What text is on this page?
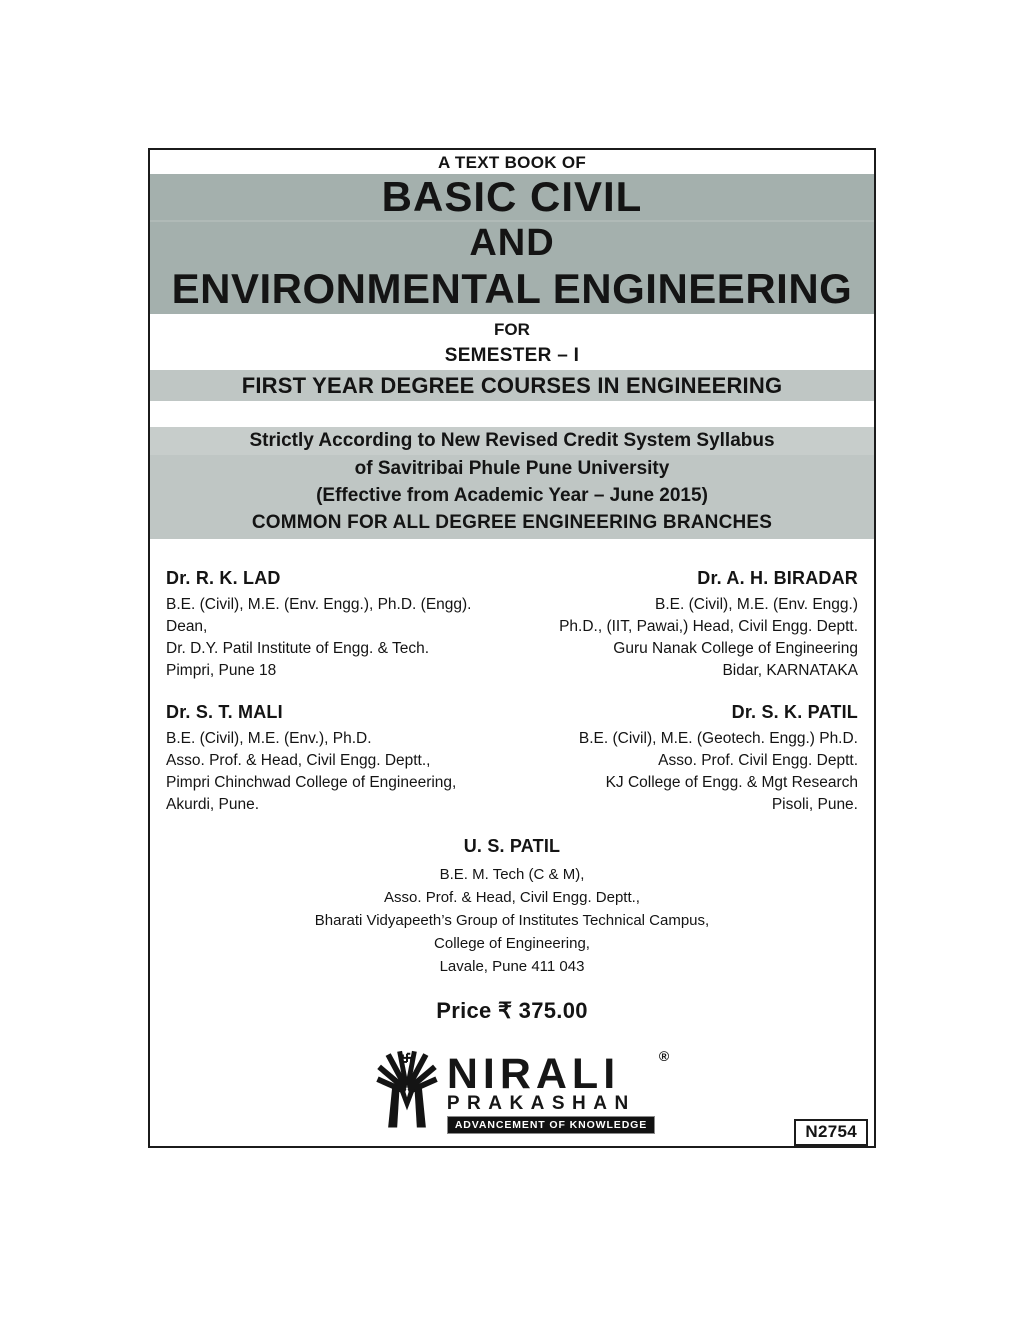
A TEXT BOOK OF
BASIC CIVIL
AND
ENVIRONMENTAL ENGINEERING
FOR
SEMESTER – I
FIRST YEAR DEGREE COURSES IN ENGINEERING
Strictly According to New Revised Credit System Syllabus
of Savitribai Phule Pune University
(Effective from Academic Year – June 2015)
COMMON FOR ALL DEGREE ENGINEERING BRANCHES
Dr. R. K. LAD
B.E. (Civil), M.E. (Env. Engg.), Ph.D. (Engg).
Dean,
Dr. D.Y. Patil Institute of Engg. & Tech.
Pimpri, Pune 18
Dr. A. H. BIRADAR
B.E. (Civil), M.E. (Env. Engg.)
Ph.D., (IIT, Pawai,) Head, Civil Engg. Deptt.
Guru Nanak College of Engineering
Bidar, KARNATAKA
Dr. S. T. MALI
B.E. (Civil), M.E. (Env.), Ph.D.
Asso. Prof. & Head, Civil Engg. Deptt.,
Pimpri Chinchwad College of Engineering,
Akurdi, Pune.
Dr. S. K. PATIL
B.E. (Civil), M.E. (Geotech. Engg.) Ph.D.
Asso. Prof. Civil Engg. Deptt.
KJ College of Engg. & Mgt Research
Pisoli, Pune.
U. S. PATIL
B.E. M. Tech (C & M),
Asso. Prof. & Head, Civil Engg. Deptt.,
Bharati Vidyapeeth’s Group of Institutes Technical Campus,
College of Engineering,
Lavale, Pune 411 043
Price ₹ 375.00
NIRALI	®
PRAKASHAN
ADVANCEMENT OF KNOWLEDGE	N2754
